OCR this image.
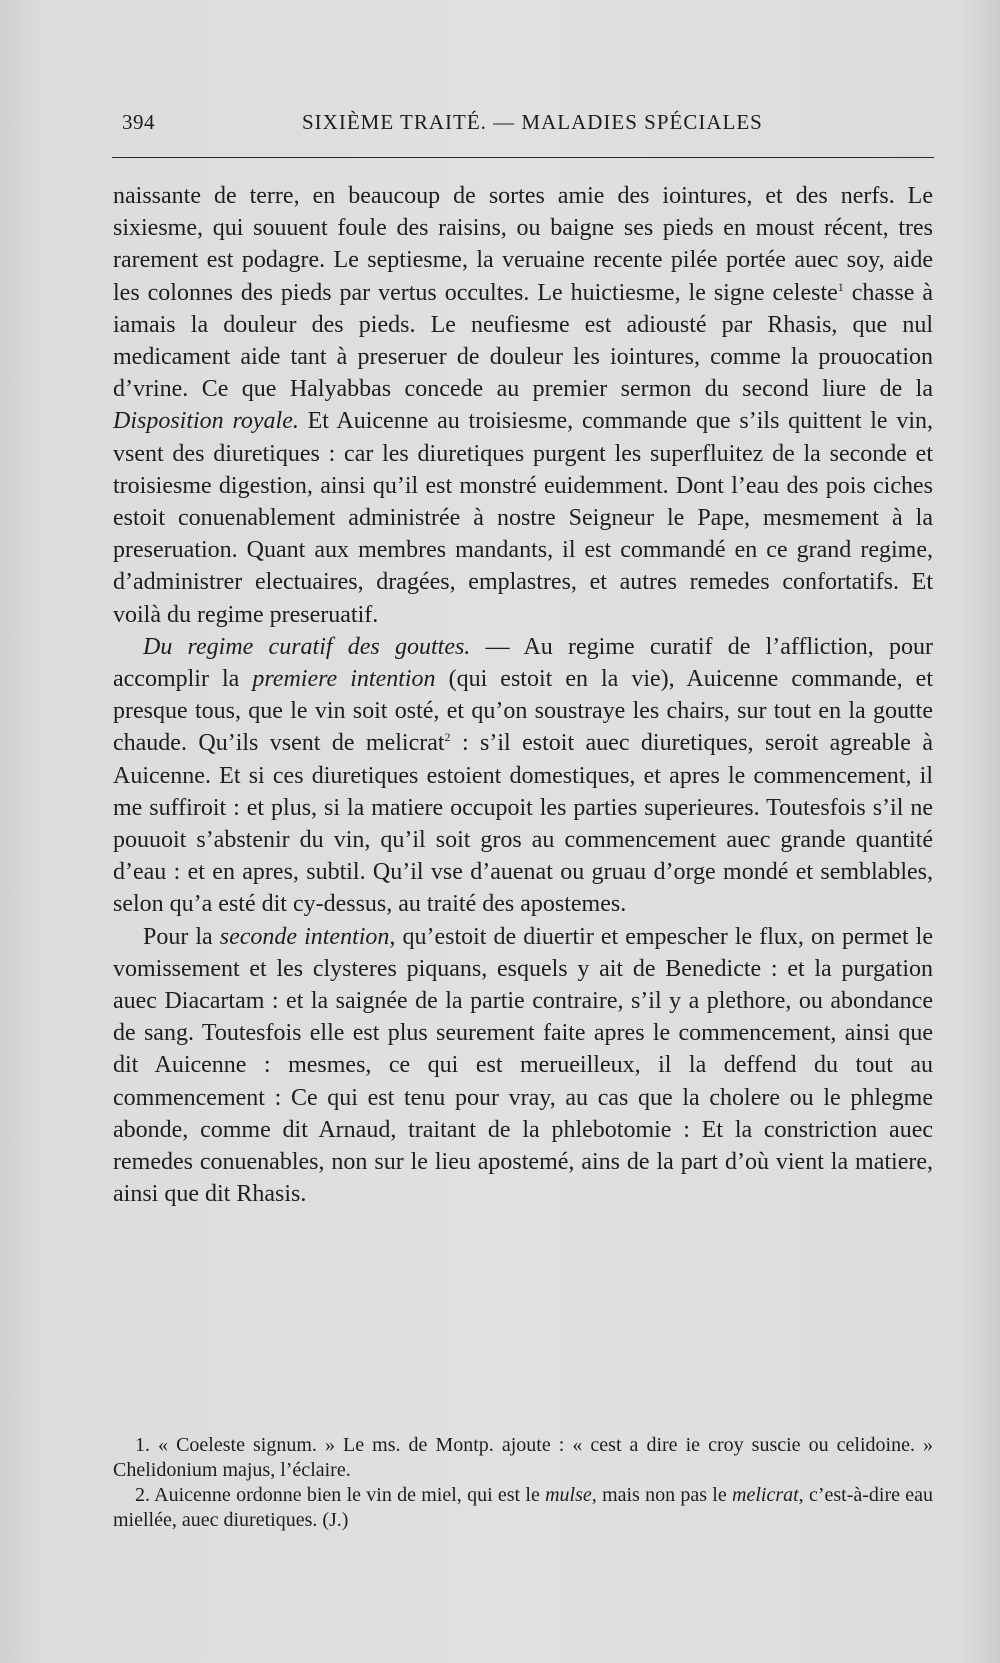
394	SIXIÈME TRAITÉ. — MALADIES SPÉCIALES

naissante de terre, en beaucoup de sortes amie des iointures, et des nerfs. Le sixiesme, qui souuent foule des raisins, ou baigne ses pieds en moust récent, tres rarement est podagre. Le septiesme, la veruaine recente pilée portée auec soy, aide les colonnes des pieds par vertus occultes. Le huictiesme, le signe celeste$^1$ chasse à iamais la douleur des pieds. Le neufiesme est adiousté par Rhasis, que nul medicament aide tant à preseruer de douleur les iointures, comme la prouocation d’vrine. Ce que Halyabbas concede au premier sermon du second liure de la Disposition royale. Et Auicenne au troisiesme, commande que s’ils quittent le vin, vsent des diuretiques : car les diuretiques purgent les superfluitez de la seconde et troisiesme digestion, ainsi qu’il est monstré euidemment. Dont l’eau des pois ciches estoit conuenablement administrée à nostre Seigneur le Pape, mesmement à la preseruation. Quant aux membres mandants, il est commandé en ce grand regime, d’administrer electuaires, dragées, emplastres, et autres remedes confortatifs. Et voilà du regime preseruatif.

Du regime curatif des gouttes. — Au regime curatif de l’affliction, pour accomplir la premiere intention (qui estoit en la vie), Auicenne commande, et presque tous, que le vin soit osté, et qu’on soustraye les chairs, sur tout en la goutte chaude. Qu’ils vsent de melicrat$^2$ : s’il estoit auec diuretiques, seroit agreable à Auicenne. Et si ces diuretiques estoient domestiques, et apres le commencement, il me suffiroit : et plus, si la matiere occupoit les parties superieures. Toutesfois s’il ne pouuoit s’abstenir du vin, qu’il soit gros au commencement auec grande quantité d’eau : et en apres, subtil. Qu’il vse d’auenat ou gruau d’orge mondé et semblables, selon qu’a esté dit cy-dessus, au traité des apostemes.

Pour la seconde intention, qu’estoit de diuertir et empescher le flux, on permet le vomissement et les clysteres piquans, esquels y ait de Benedicte : et la purgation auec Diacartam : et la saignée de la partie contraire, s’il y a plethore, ou abondance de sang. Toutesfois elle est plus seurement faite apres le commencement, ainsi que dit Auicenne : mesmes, ce qui est merueilleux, il la deffend du tout au commencement : Ce qui est tenu pour vray, au cas que la cholere ou le phlegme abonde, comme dit Arnaud, traitant de la phlebotomie : Et la constriction auec remedes conuenables, non sur le lieu apostemé, ains de la part d’où vient la matiere, ainsi que dit Rhasis.

1. « Coeleste signum. » Le ms. de Montp. ajoute : « cest a dire ie croy suscie ou celidoine. » Chelidonium majus, l’éclaire.

2. Auicenne ordonne bien le vin de miel, qui est le mulse, mais non pas le melicrat, c’est-à-dire eau miellée, auec diuretiques. (J.)
